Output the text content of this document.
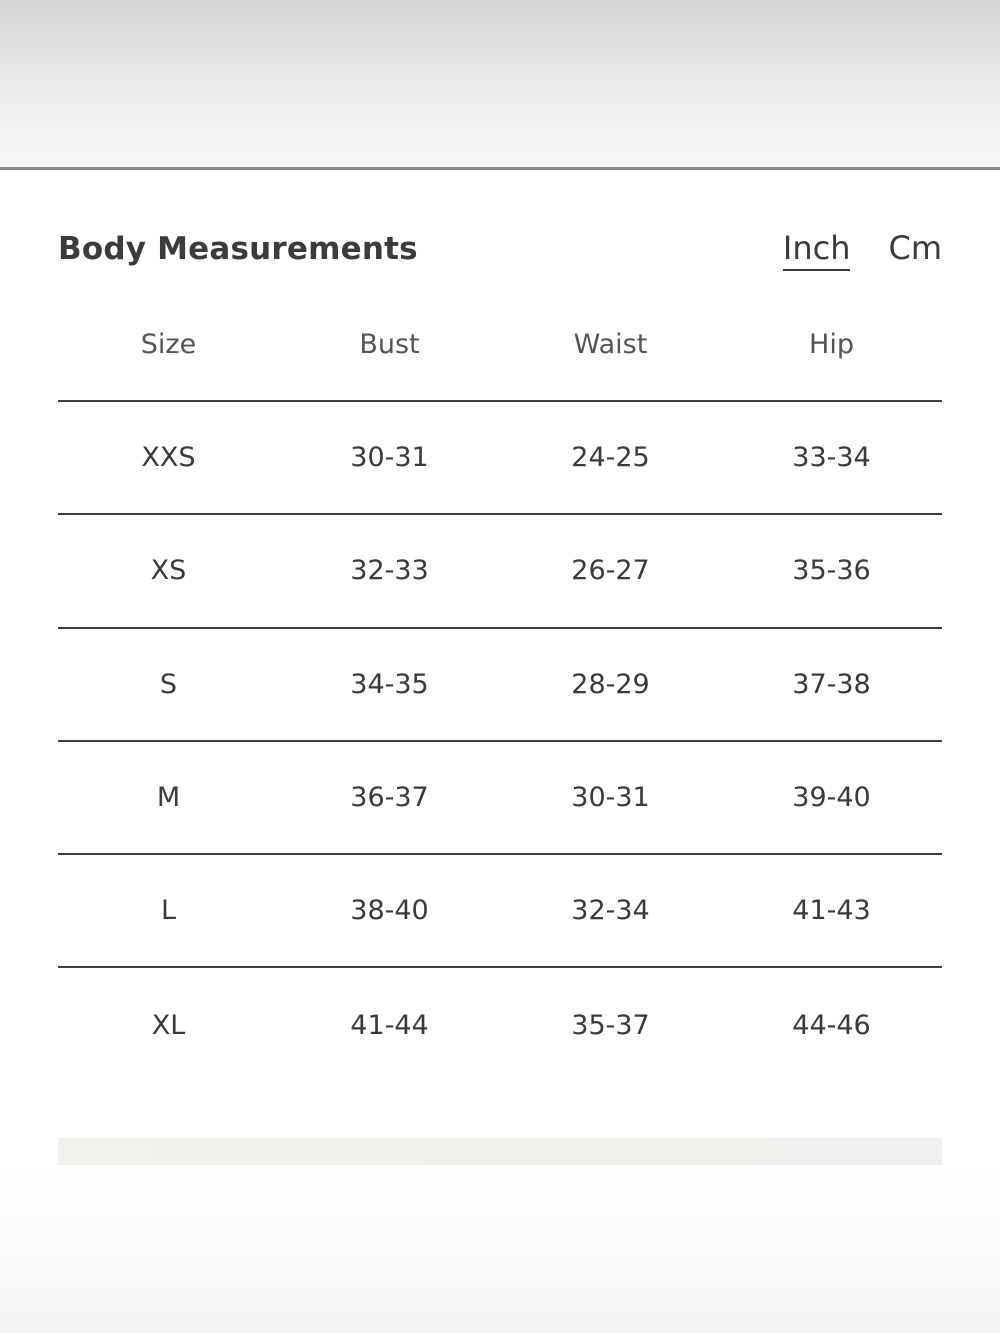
Body Measurements	Inch Cm
Size	Bust	Waist	Hip
XXS	30-31	24-25	33-34
XS	32-33	26-27	35-36
S	34-35	28-29	37-38
M	36-37	30-31	39-40
L	38-40	32-34	41-43
XL	41-44	35-37	44-46
